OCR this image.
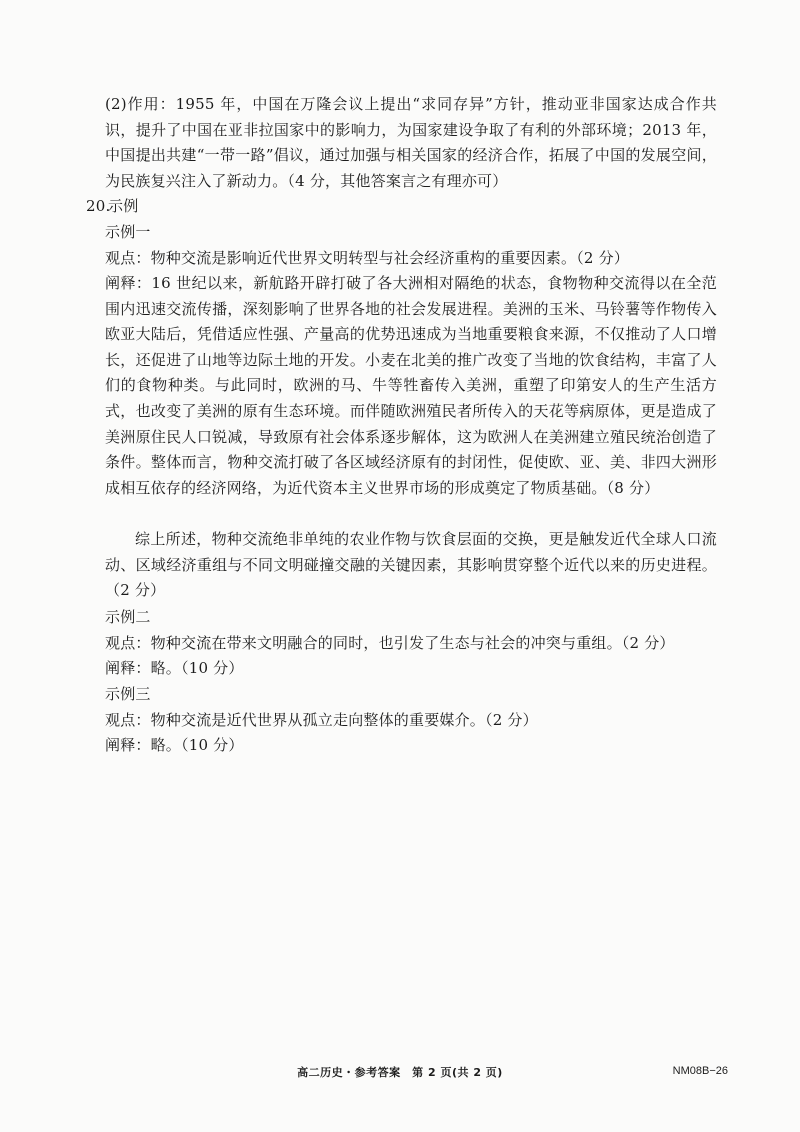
(2)作用：1955 年，中国在万隆会议上提出“求同存异”方针，推动亚非国家达成合作共识，提升了中国在亚非拉国家中的影响力，为国家建设争取了有利的外部环境；2013 年，中国提出共建“一带一路”倡议，通过加强与相关国家的经济合作，拓展了中国的发展空间，为民族复兴注入了新动力。（4 分，其他答案言之有理亦可）
20.
示例
示例一
观点：物种交流是影响近代世界文明转型与社会经济重构的重要因素。（2 分）
阐释：16 世纪以来，新航路开辟打破了各大洲相对隔绝的状态，食物物种交流得以在全范围内迅速交流传播，深刻影响了世界各地的社会发展进程。美洲的玉米、马铃薯等作物传入欧亚大陆后，凭借适应性强、产量高的优势迅速成为当地重要粮食来源，不仅推动了人口增长，还促进了山地等边际土地的开发。小麦在北美的推广改变了当地的饮食结构，丰富了人们的食物种类。与此同时，欧洲的马、牛等牲畜传入美洲，重塑了印第安人的生产生活方式，也改变了美洲的原有生态环境。而伴随欧洲殖民者所传入的天花等病原体，更是造成了美洲原住民人口锐减，导致原有社会体系逐步解体，这为欧洲人在美洲建立殖民统治创造了条件。整体而言，物种交流打破了各区域经济原有的封闭性，促使欧、亚、美、非四大洲形成相互依存的经济网络，为近代资本主义世界市场的形成奠定了物质基础。（8 分）
综上所述，物种交流绝非单纯的农业作物与饮食层面的交换，更是触发近代全球人口流动、区域经济重组与不同文明碰撞交融的关键因素，其影响贯穿整个近代以来的历史进程。（2 分）
示例二
观点：物种交流在带来文明融合的同时，也引发了生态与社会的冲突与重组。（2 分）
阐释：略。（10 分）
示例三
观点：物种交流是近代世界从孤立走向整体的重要媒介。（2 分）
阐释：略。（10 分）
高二历史・参考答案　第 2 页(共 2 页)	NM08B−26
